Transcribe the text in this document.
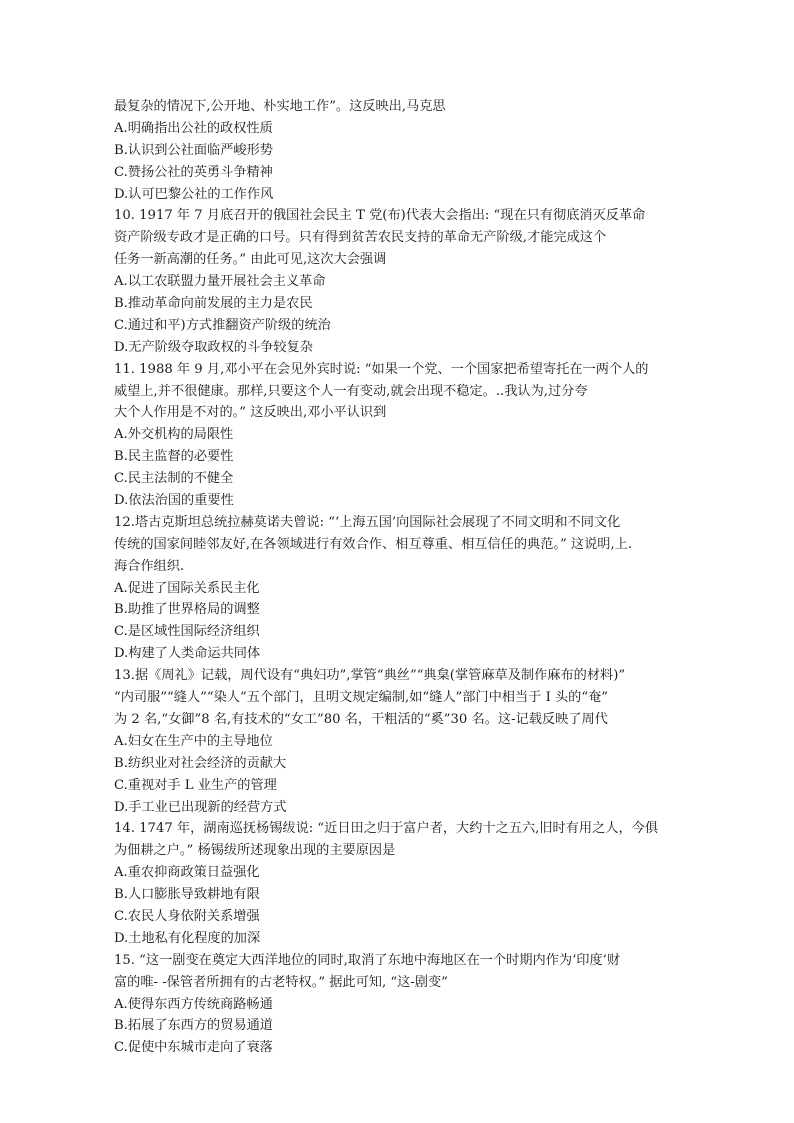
最复杂的情况下,公开地、朴实地工作”。这反映出,马克思
A.明确指出公社的政权性质
B.认识到公社面临严峻形势
C.赞扬公社的英勇斗争精神
D.认可巴黎公社的工作作风
10. 1917 年 7 月底召开的俄国社会民主 T 党(布)代表大会指出: “现在只有彻底消灭反革命
资产阶级专政才是正确的口号。只有得到贫苦农民支持的革命无产阶级,才能完成这个
任务一新高潮的任务。” 由此可见,这次大会强调
A.以工农联盟力量开展社会主义革命
B.推动革命向前发展的主力是农民
C.通过和平)方式推翻资产阶级的统治
D.无产阶级夺取政权的斗争较复杂
11. 1988 年 9 月,邓小平在会见外宾时说: “如果一个党、一个国家把希望寄托在一两个人的
威望上,并不很健康。那样,只要这个人一有变动,就会出现不稳定。..我认为,过分夸
大个人作用是不对的。” 这反映出,邓小平认识到
A.外交机构的局限性
B.民主监督的必要性
C.民主法制的不健全
D.依法治国的重要性
12.塔古克斯坦总统拉赫莫诺夫曾说: “‘上海五国’向国际社会展现了不同文明和不同文化
传统的国家间睦邻友好,在各领域进行有效合作、相互尊重、相互信任的典范。” 这说明,上.
海合作组织.
A.促进了国际关系民主化
B.助推了世界格局的调整
C.是区域性国际经济组织
D.构建了人类命运共同体
13.据《周礼》记载，周代设有“典妇功”,掌管“典丝”“典枲(掌管麻草及制作麻布的材料)”
“内司服”“缝人”“染人”五个部门，且明文规定编制,如“缝人”部门中相当于 I 头的“奄”
为 2 名,“女御”8 名,有技术的“女工”80 名，干粗活的“奚”30 名。这-记载反映了周代
A.妇女在生产中的主导地位
B.纺织业对社会经济的贡献大
C.重视对手 L 业生产的管理
D.手工业已出现新的经营方式
14. 1747 年，湖南巡抚杨锡绂说: “近日田之归于富户者，大约十之五六,旧时有用之人，今俱
为佃耕之户。” 杨锡绂所述现象出现的主要原因是
A.重农抑商政策日益强化
B.人口膨胀导致耕地有限
C.农民人身依附关系增强
D.土地私有化程度的加深
15. “这一剧变在奠定大西洋地位的同时,取消了东地中海地区在一个时期内作为‘印度’财
富的唯- -保管者所拥有的古老特权。” 据此可知, “这-剧变”
A.使得东西方传统商路畅通
B.拓展了东西方的贸易通道
C.促使中东城市走向了衰落
